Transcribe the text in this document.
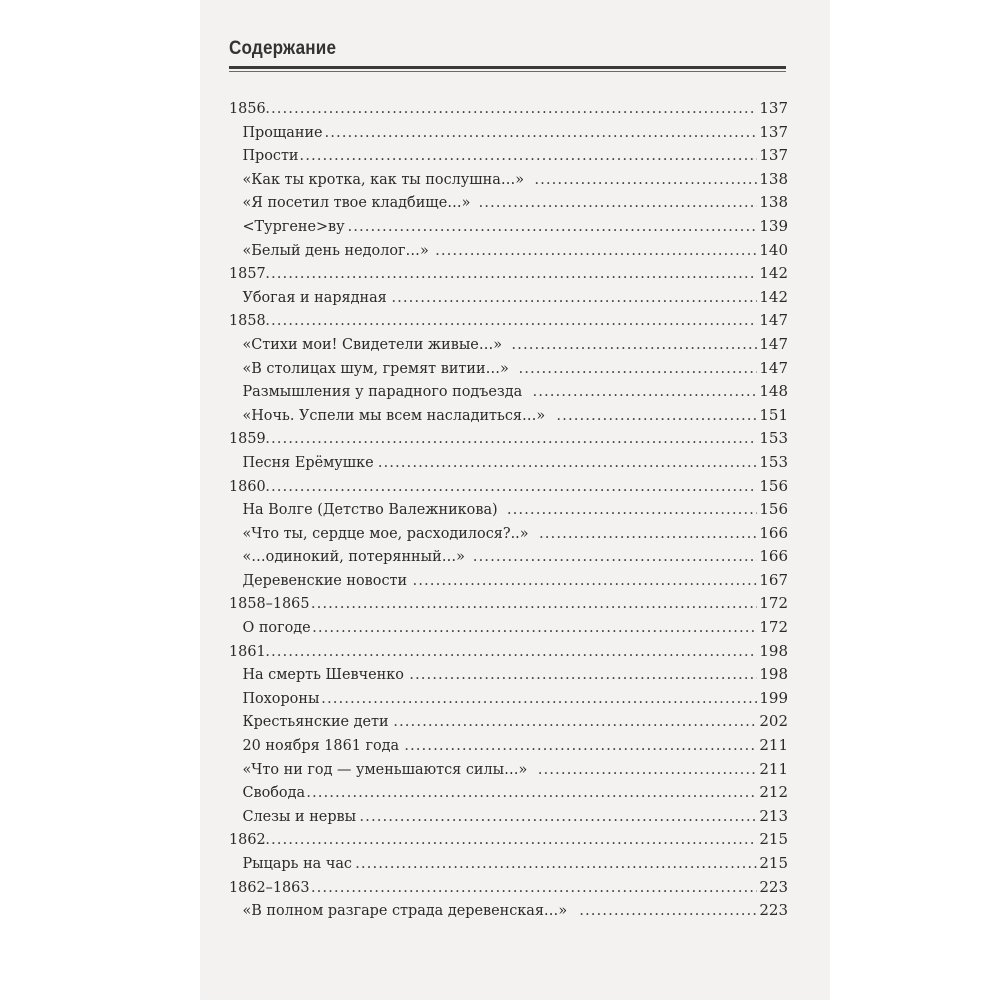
Содержание
1856 .....	137
Прощание .....	137
Прости .....	137
«Как ты кротка, как ты послушна…» .....	138
«Я посетил твое кладбище…» .....	138
<Тургене>ву .....	139
«Белый день недолог…» .....	140
1857 .....	142
Убогая и нарядная .....	142
1858 .....	147
«Стихи мои! Свидетели живые…» .....	147
«В столицах шум, гремят витии…» .....	147
Размышления у парадного подъезда .....	148
«Ночь. Успели мы всем насладиться…» .....	151
1859 .....	153
Песня Ерёмушке .....	153
1860 .....	156
На Волге (Детство Валежникова) .....	156
«Что ты, сердце мое, расходилося?..» .....	166
«…одинокий, потерянный…» .....	166
Деревенские новости .....	167
1858–1865 .....	172
О погоде .....	172
1861 .....	198
На смерть Шевченко .....	198
Похороны .....	199
Крестьянские дети .....	202
20 ноября 1861 года .....	211
«Что ни год — уменьшаются силы…» .....	211
Свобода .....	212
Слезы и нервы .....	213
1862 .....	215
Рыцарь на час .....	215
1862–1863 .....	223
«В полном разгаре страда деревенская…» .....	223
